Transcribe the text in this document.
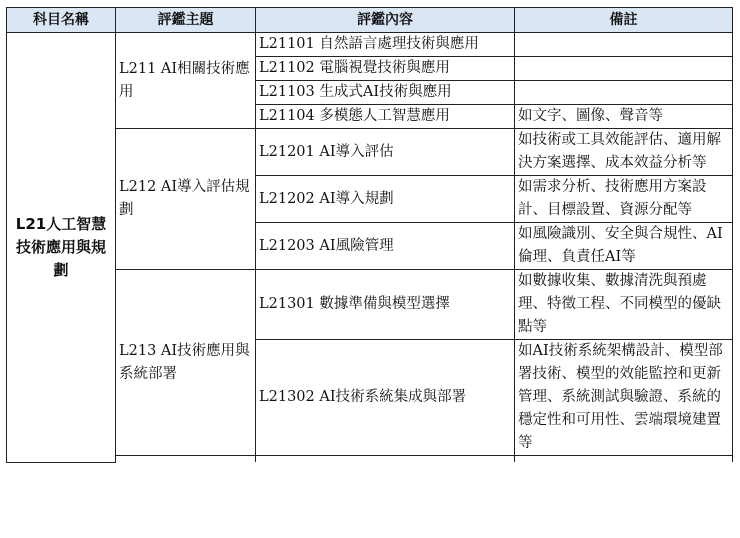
科目名稱	評鑑主題	評鑑內容	備註
L21人工智慧技術應用與規劃	L211 AI相關技術應用	L21101 自然語言處理技術與應用	
		L21102 電腦視覺技術與應用	
		L21103 生成式AI技術與應用	
		L21104 多模態人工智慧應用	如文字、圖像、聲音等
	L212 AI導入評估規劃	L21201 AI導入評估	如技術或工具效能評估、適用解決方案選擇、成本效益分析等
		L21202 AI導入規劃	如需求分析、技術應用方案設計、目標設置、資源分配等
		L21203 AI風險管理	如風險識別、安全與合規性、AI倫理、負責任AI等
	L213 AI技術應用與系統部署	L21301 數據準備與模型選擇	如數據收集、數據清洗與預處理、特徵工程、不同模型的優缺點等
		L21302 AI技術系統集成與部署	如AI技術系統架構設計、模型部署技術、模型的效能監控和更新管理、系統測試與驗證、系統的穩定性和可用性、雲端環境建置等
